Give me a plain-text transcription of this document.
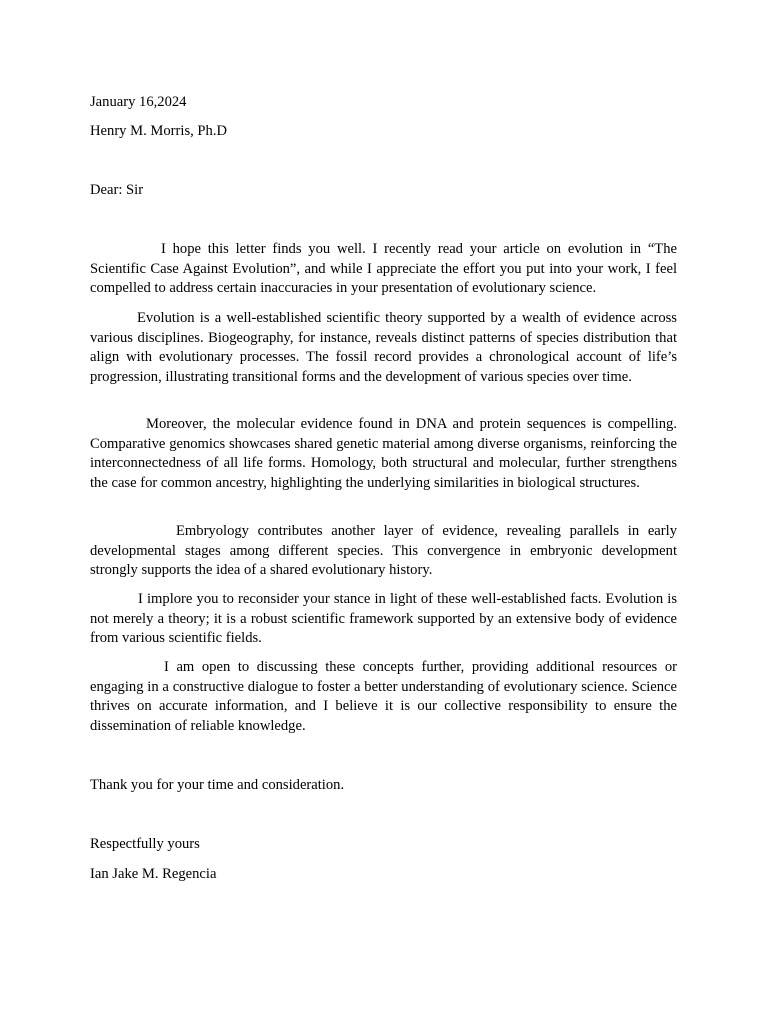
January 16,2024
Henry M. Morris, Ph.D
Dear: Sir

I hope this letter finds you well. I recently read your article on evolution in “The Scientific Case Against Evolution”, and while I appreciate the effort you put into your work, I feel compelled to address certain inaccuracies in your presentation of evolutionary science.

Evolution is a well-established scientific theory supported by a wealth of evidence across various disciplines. Biogeography, for instance, reveals distinct patterns of species distribution that align with evolutionary processes. The fossil record provides a chronological account of life’s progression, illustrating transitional forms and the development of various species over time.

Moreover, the molecular evidence found in DNA and protein sequences is compelling. Comparative genomics showcases shared genetic material among diverse organisms, reinforcing the interconnectedness of all life forms. Homology, both structural and molecular, further strengthens the case for common ancestry, highlighting the underlying similarities in biological structures.

Embryology contributes another layer of evidence, revealing parallels in early developmental stages among different species. This convergence in embryonic development strongly supports the idea of a shared evolutionary history.

I implore you to reconsider your stance in light of these well-established facts. Evolution is not merely a theory; it is a robust scientific framework supported by an extensive body of evidence from various scientific fields.

I am open to discussing these concepts further, providing additional resources or engaging in a constructive dialogue to foster a better understanding of evolutionary science. Science thrives on accurate information, and I believe it is our collective responsibility to ensure the dissemination of reliable knowledge.

Thank you for your time and consideration.
Respectfully yours
Ian Jake M. Regencia
